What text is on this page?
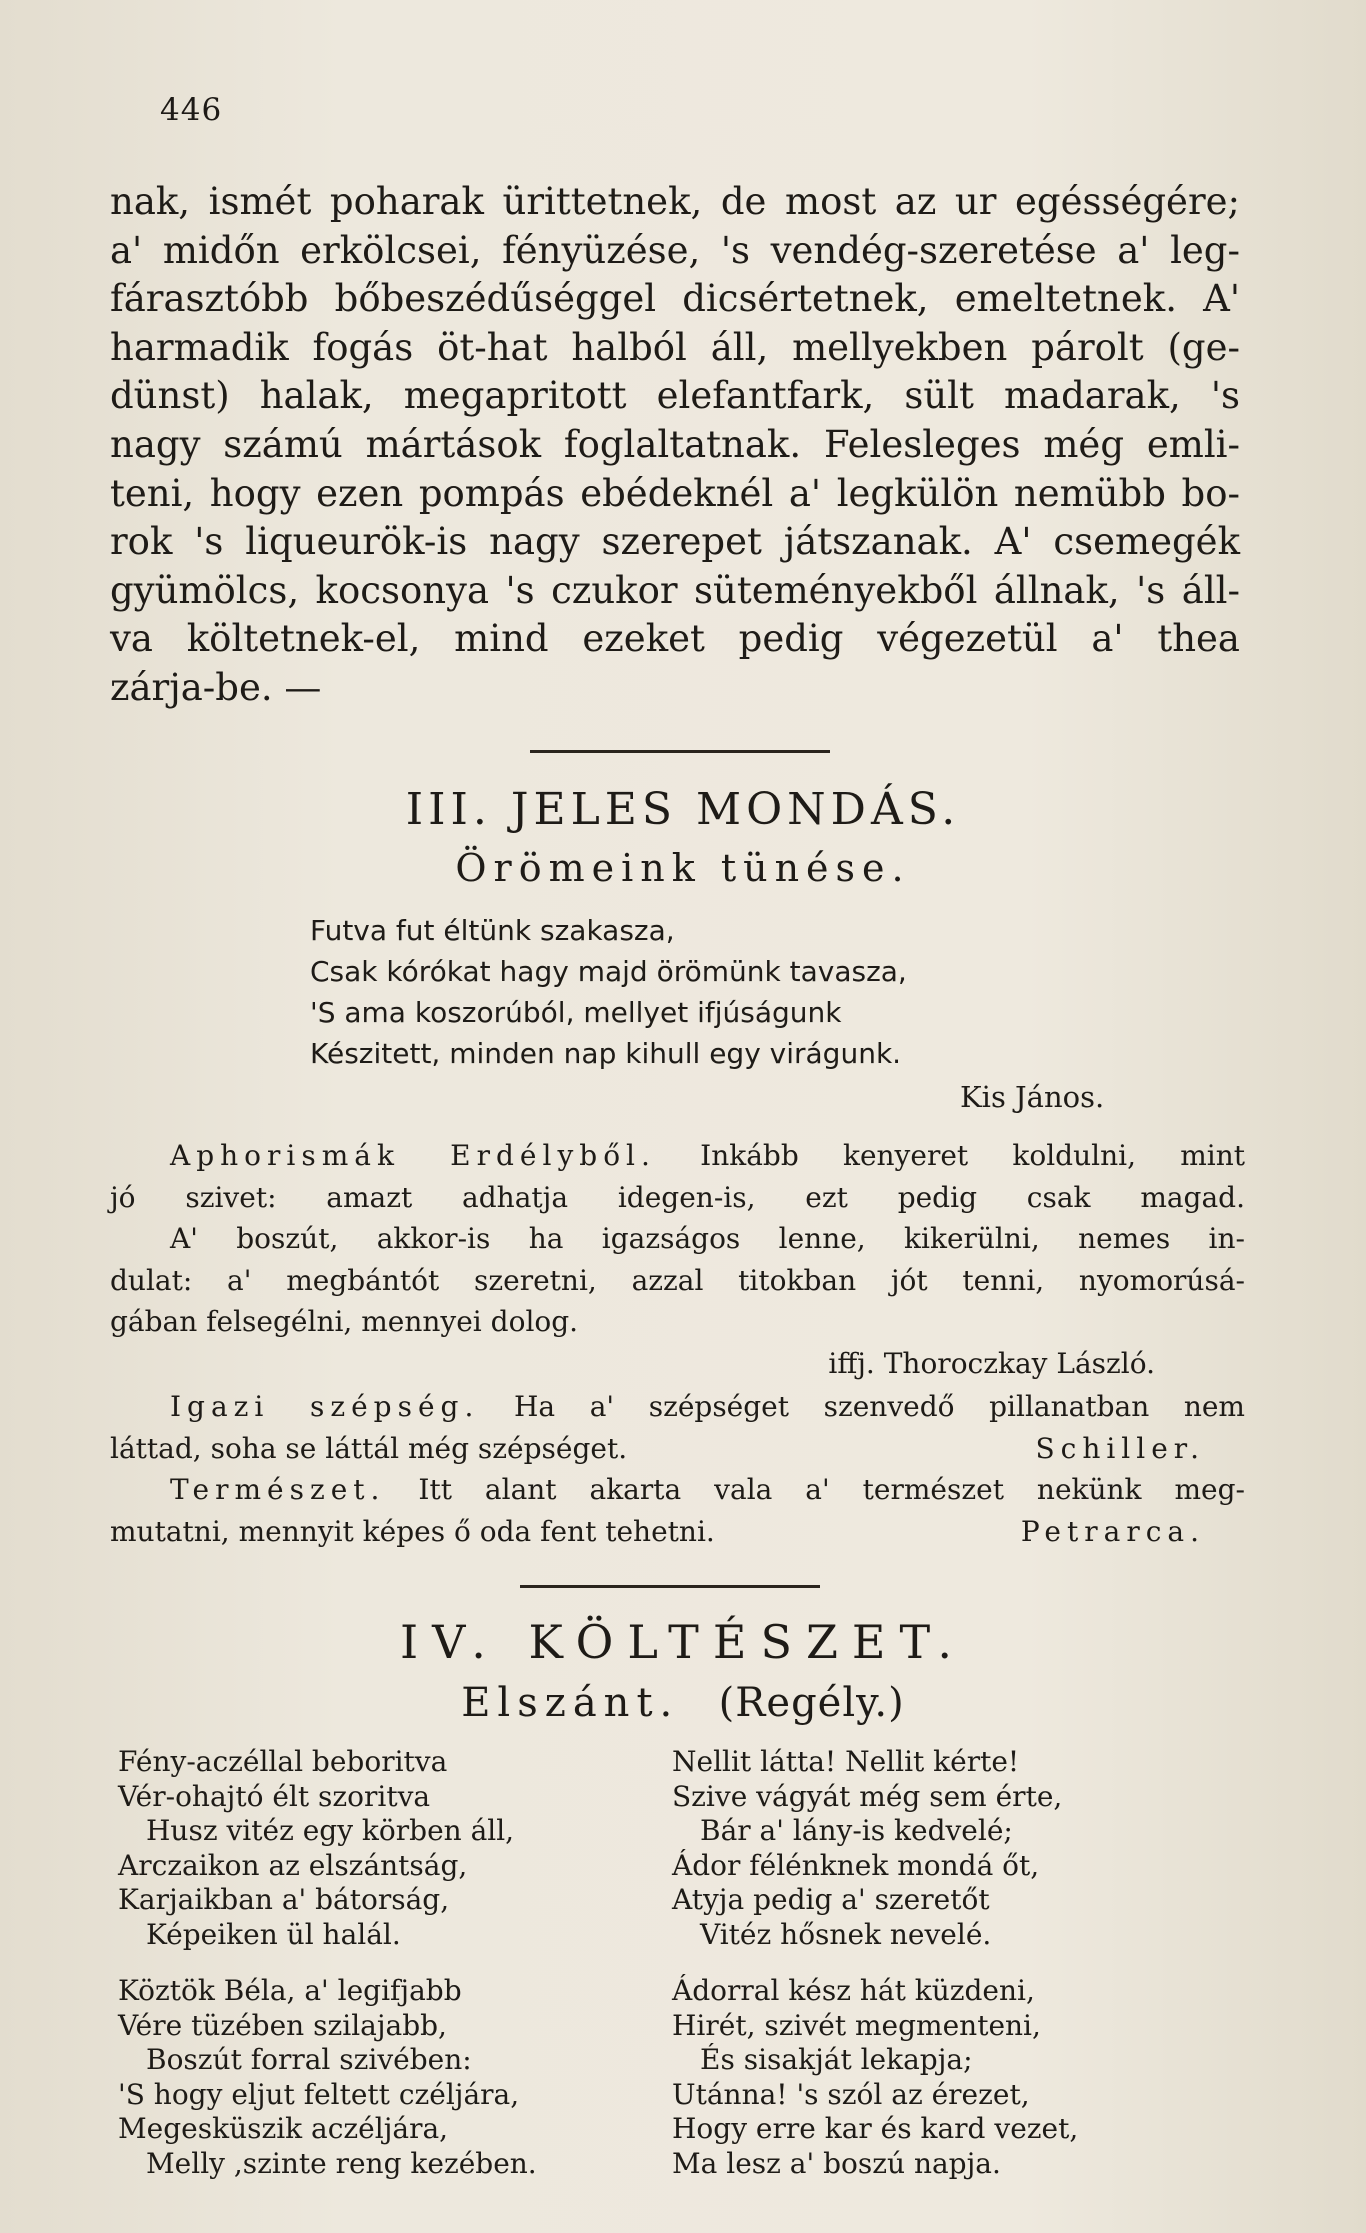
446
nak, ismét poharak ürittetnek, de most az ur egésségére;
a' midőn erkölcsei, fényüzése, 's vendég-szeretése a' leg-
fárasztóbb bőbeszédűséggel dicsértetnek, emeltetnek. A'
harmadik fogás öt-hat halból áll, mellyekben párolt (ge-
dünst) halak, megapritott elefantfark, sült madarak, 's
nagy számú mártások foglaltatnak. Felesleges még emli-
teni, hogy ezen pompás ebédeknél a' legkülön nemübb bo-
rok 's liqueurök-is nagy szerepet játszanak. A' csemegék
gyümölcs, kocsonya 's czukor süteményekből állnak, 's áll-
va költetnek-el, mind ezeket pedig végezetül a' thea
zárja-be. —
III. JELES MONDÁS.
Örömeink tünése.
Futva fut éltünk szakasza,
Csak kórókat hagy majd örömünk tavasza,
'S ama koszorúból, mellyet ifjúságunk
Készitett, minden nap kihull egy virágunk.
Kis János.
Aphorismák Erdélyből. Inkább kenyeret koldulni, mint
jó szivet: amazt adhatja idegen-is, ezt pedig csak magad.
A' boszút, akkor-is ha igazságos lenne, kikerülni, nemes in-
dulat: a' megbántót szeretni, azzal titokban jót tenni, nyomorúsá-
gában felsegélni, mennyei dolog.
iffj. Thoroczkay László.
Igazi szépség. Ha a' szépséget szenvedő pillanatban nem
láttad, soha se láttál még szépséget.	Schiller.
Természet. Itt alant akarta vala a' természet nekünk meg-
mutatni, mennyit képes ő oda fent tehetni.	Petrarca.
IV. KÖLTÉSZET.
Elszánt. (Regély.)
Fény-aczéllal beboritva
Vér-ohajtó élt szoritva
Husz vitéz egy körben áll,
Arczaikon az elszántság,
Karjaikban a' bátorság,
Képeiken ül halál.
Köztök Béla, a' legifjabb
Vére tüzében szilajabb,
Boszút forral szivében:
'S hogy eljut feltett czéljára,
Megesküszik aczéljára,
Melly ,szinte reng kezében.
Nellit látta! Nellit kérte!
Szive vágyát még sem érte,
Bár a' lány-is kedvelé;
Ádor félénknek mondá őt,
Atyja pedig a' szeretőt
Vitéz hősnek nevelé.
Ádorral kész hát küzdeni,
Hirét, szivét megmenteni,
És sisakját lekapja;
Utánna! 's szól az érezet,
Hogy erre kar és kard vezet,
Ma lesz a' boszú napja.
